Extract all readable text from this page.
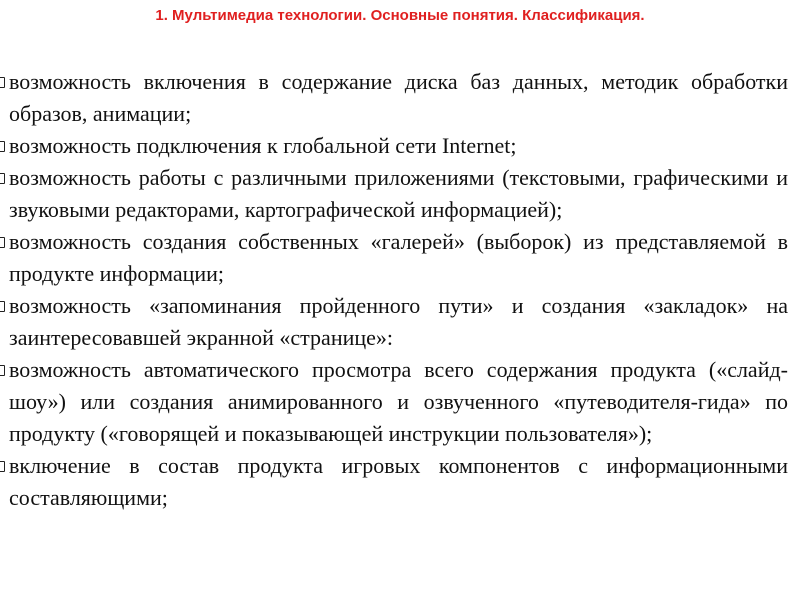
1. Мультимедиа технологии. Основные понятия. Классификация.
возможность включения в содержание диска баз данных, методик обработки образов, анимации;
возможность подключения к глобальной сети Internet;
возможность работы с различными приложениями (текстовыми, графическими и звуковыми редакторами, картографической информацией);
возможность создания собственных «галерей» (выборок) из представляемой в продукте информации;
возможность «запоминания пройденного пути» и создания «закладок» на заинтересовавшей экранной «странице»:
возможность автоматического просмотра всего содержания продукта («слайд-шоу») или создания анимированного и озвученного «путеводителя-гида» по продукту («говорящей и показывающей инструкции пользователя»);
включение в состав продукта игровых компонентов с информационными составляющими;
